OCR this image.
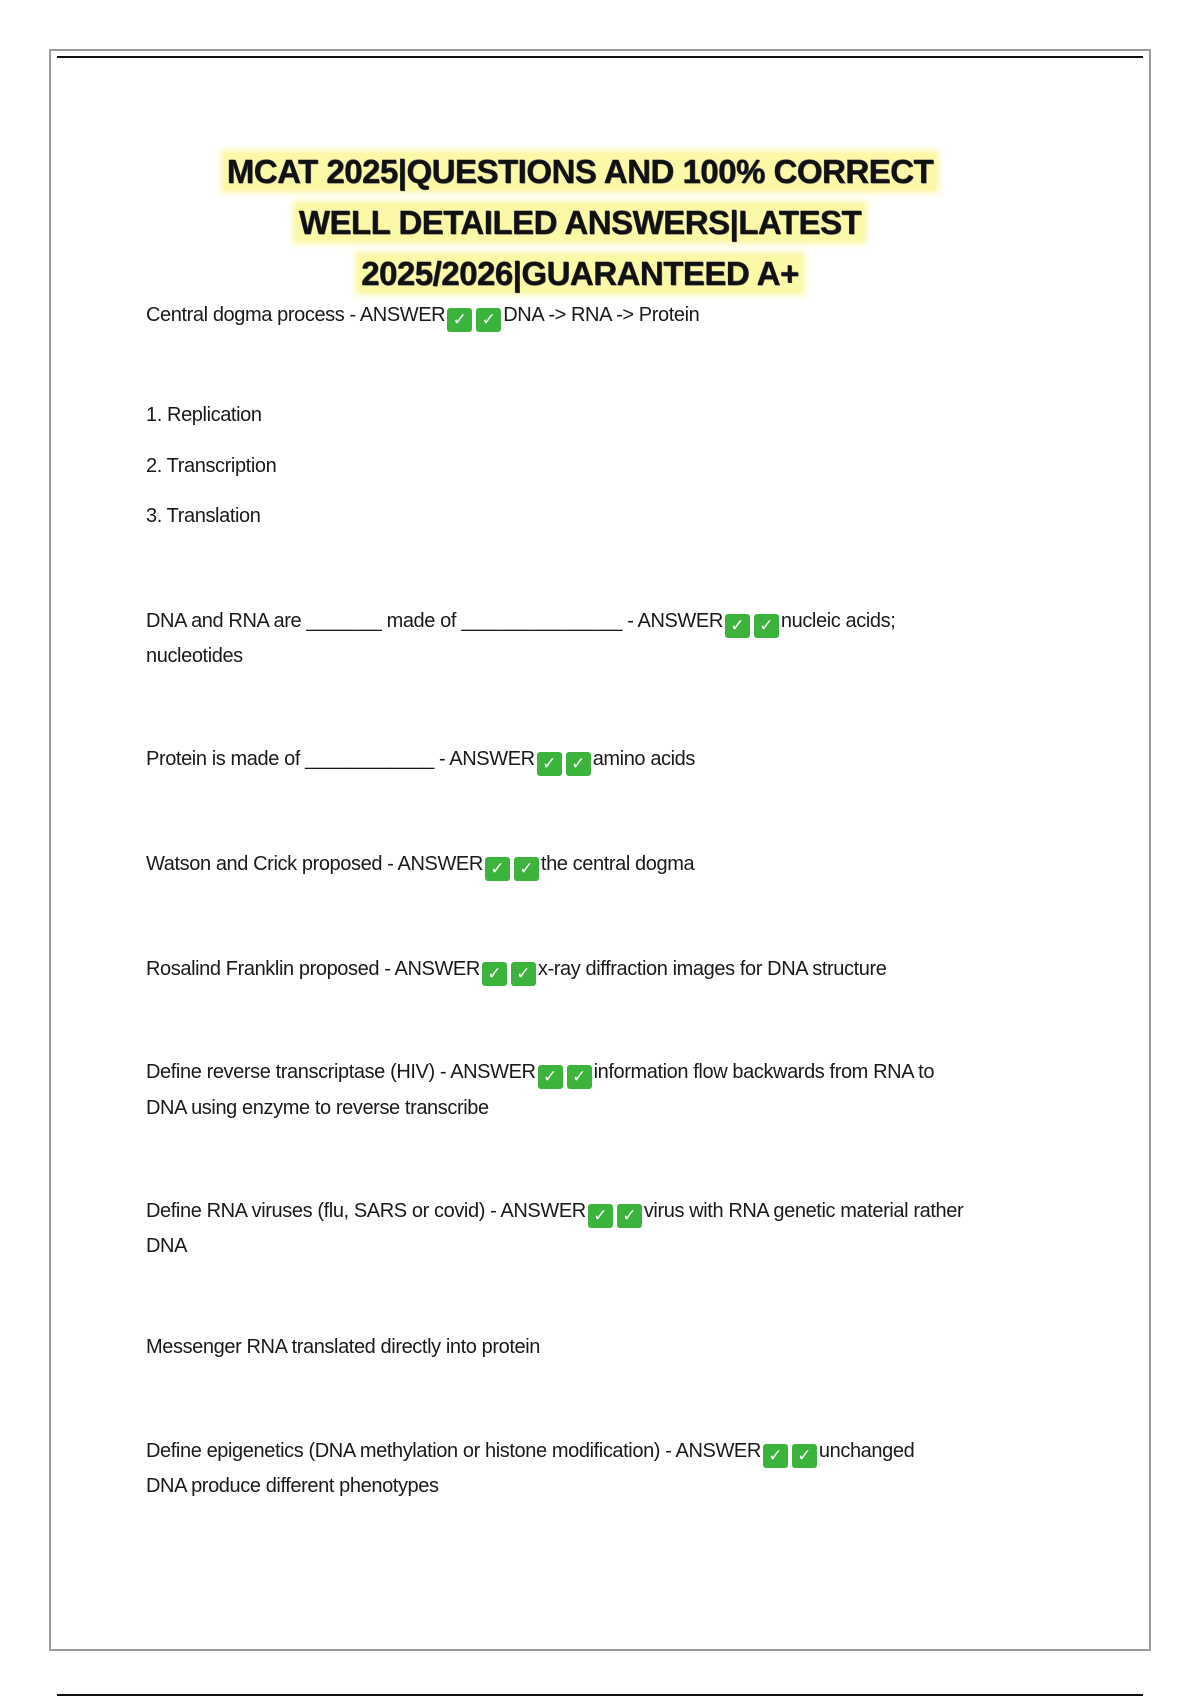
MCAT 2025|QUESTIONS AND 100% CORRECT
WELL DETAILED ANSWERS|LATEST
2025/2026|GUARANTEED A+
Central dogma process - ANSWER ✓ ✓ DNA -> RNA -> Protein
1. Replication
2. Transcription
3. Translation
DNA and RNA are _______ made of _______________ - ANSWER ✓ ✓ nucleic acids;
nucleotides
Protein is made of ____________ - ANSWER ✓ ✓ amino acids
Watson and Crick proposed - ANSWER ✓ ✓ the central dogma
Rosalind Franklin proposed - ANSWER ✓ ✓ x-ray diffraction images for DNA structure
Define reverse transcriptase (HIV) - ANSWER ✓ ✓ information flow backwards from RNA to
DNA using enzyme to reverse transcribe
Define RNA viruses (flu, SARS or covid) - ANSWER ✓ ✓ virus with RNA genetic material rather
DNA
Messenger RNA translated directly into protein
Define epigenetics (DNA methylation or histone modification) - ANSWER ✓ ✓ unchanged
DNA produce different phenotypes
